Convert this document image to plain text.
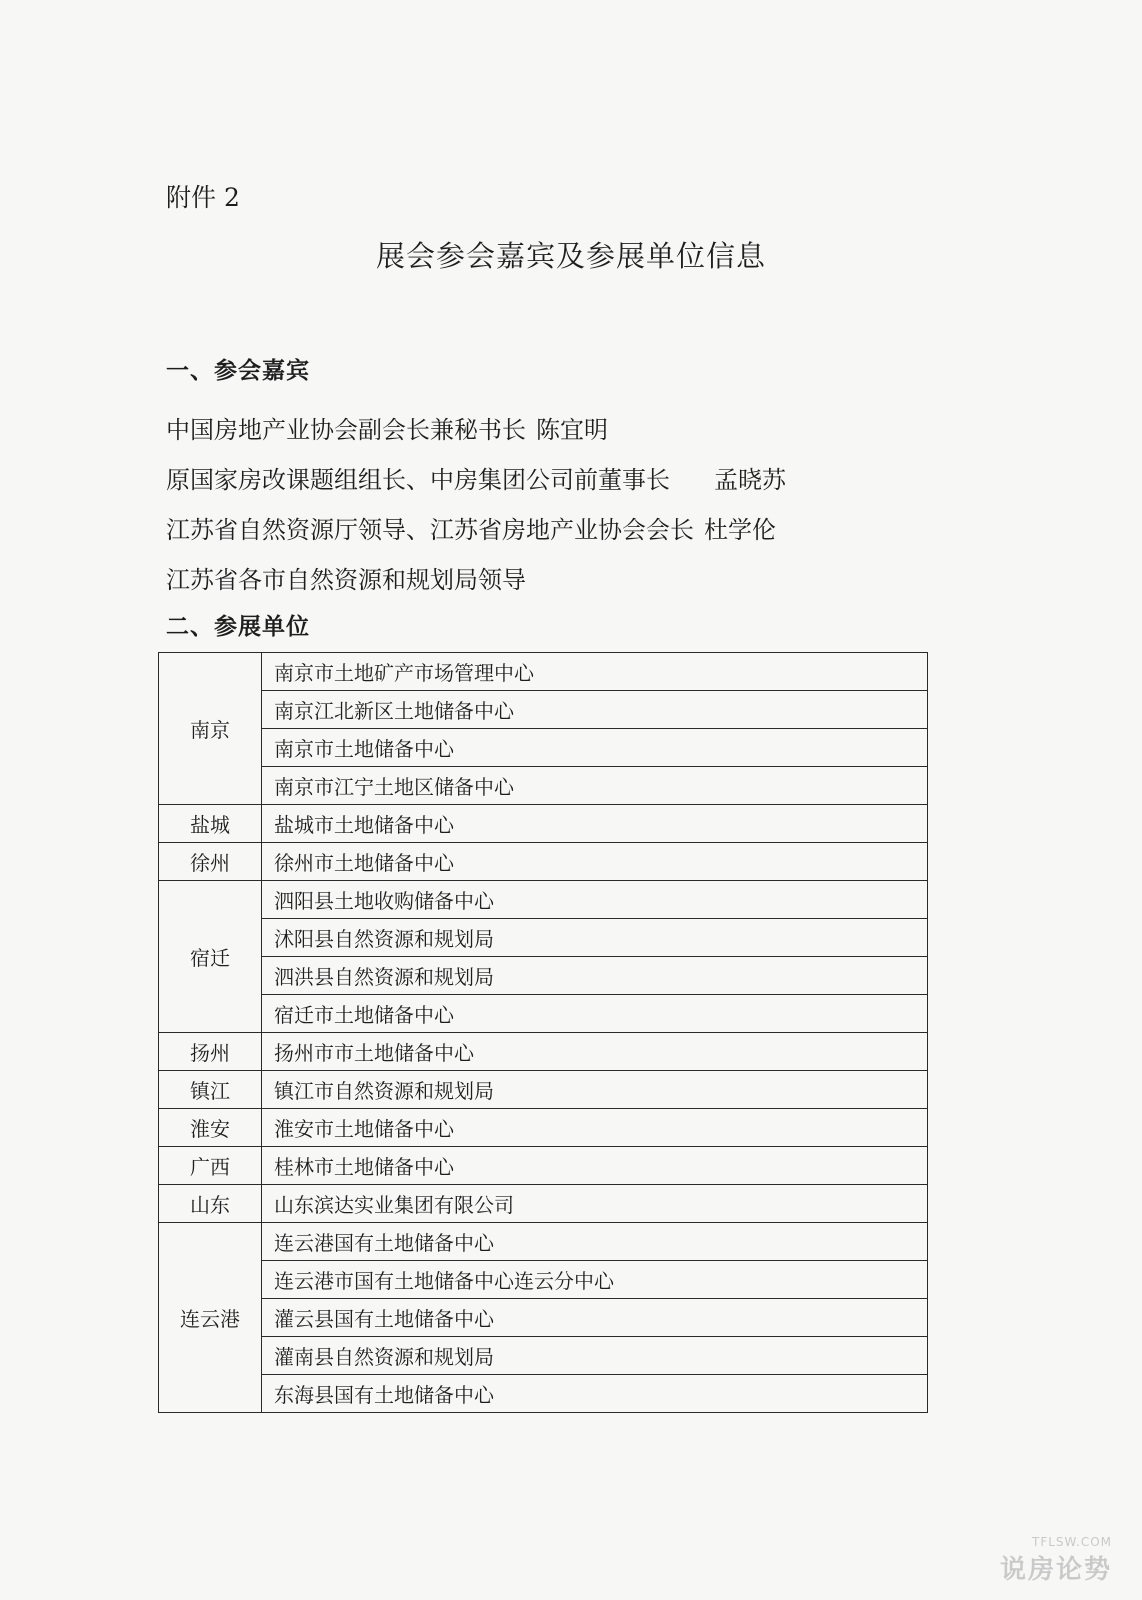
附件 2
展会参会嘉宾及参展单位信息
一、参会嘉宾
中国房地产业协会副会长兼秘书长 陈宜明
原国家房改课题组组长、中房集团公司前董事长 孟晓苏
江苏省自然资源厅领导、江苏省房地产业协会会长 杜学伦
江苏省各市自然资源和规划局领导
二、参展单位
南京	南京市土地矿产市场管理中心
	南京江北新区土地储备中心
	南京市土地储备中心
	南京市江宁土地区储备中心
盐城	盐城市土地储备中心
徐州	徐州市土地储备中心
宿迁	泗阳县土地收购储备中心
	沭阳县自然资源和规划局
	泗洪县自然资源和规划局
	宿迁市土地储备中心
扬州	扬州市市土地储备中心
镇江	镇江市自然资源和规划局
淮安	淮安市土地储备中心
广西	桂林市土地储备中心
山东	山东滨达实业集团有限公司
连云港	连云港国有土地储备中心
	连云港市国有土地储备中心连云分中心
	灌云县国有土地储备中心
	灌南县自然资源和规划局
	东海县国有土地储备中心
TFLSW.COM
说房论势
